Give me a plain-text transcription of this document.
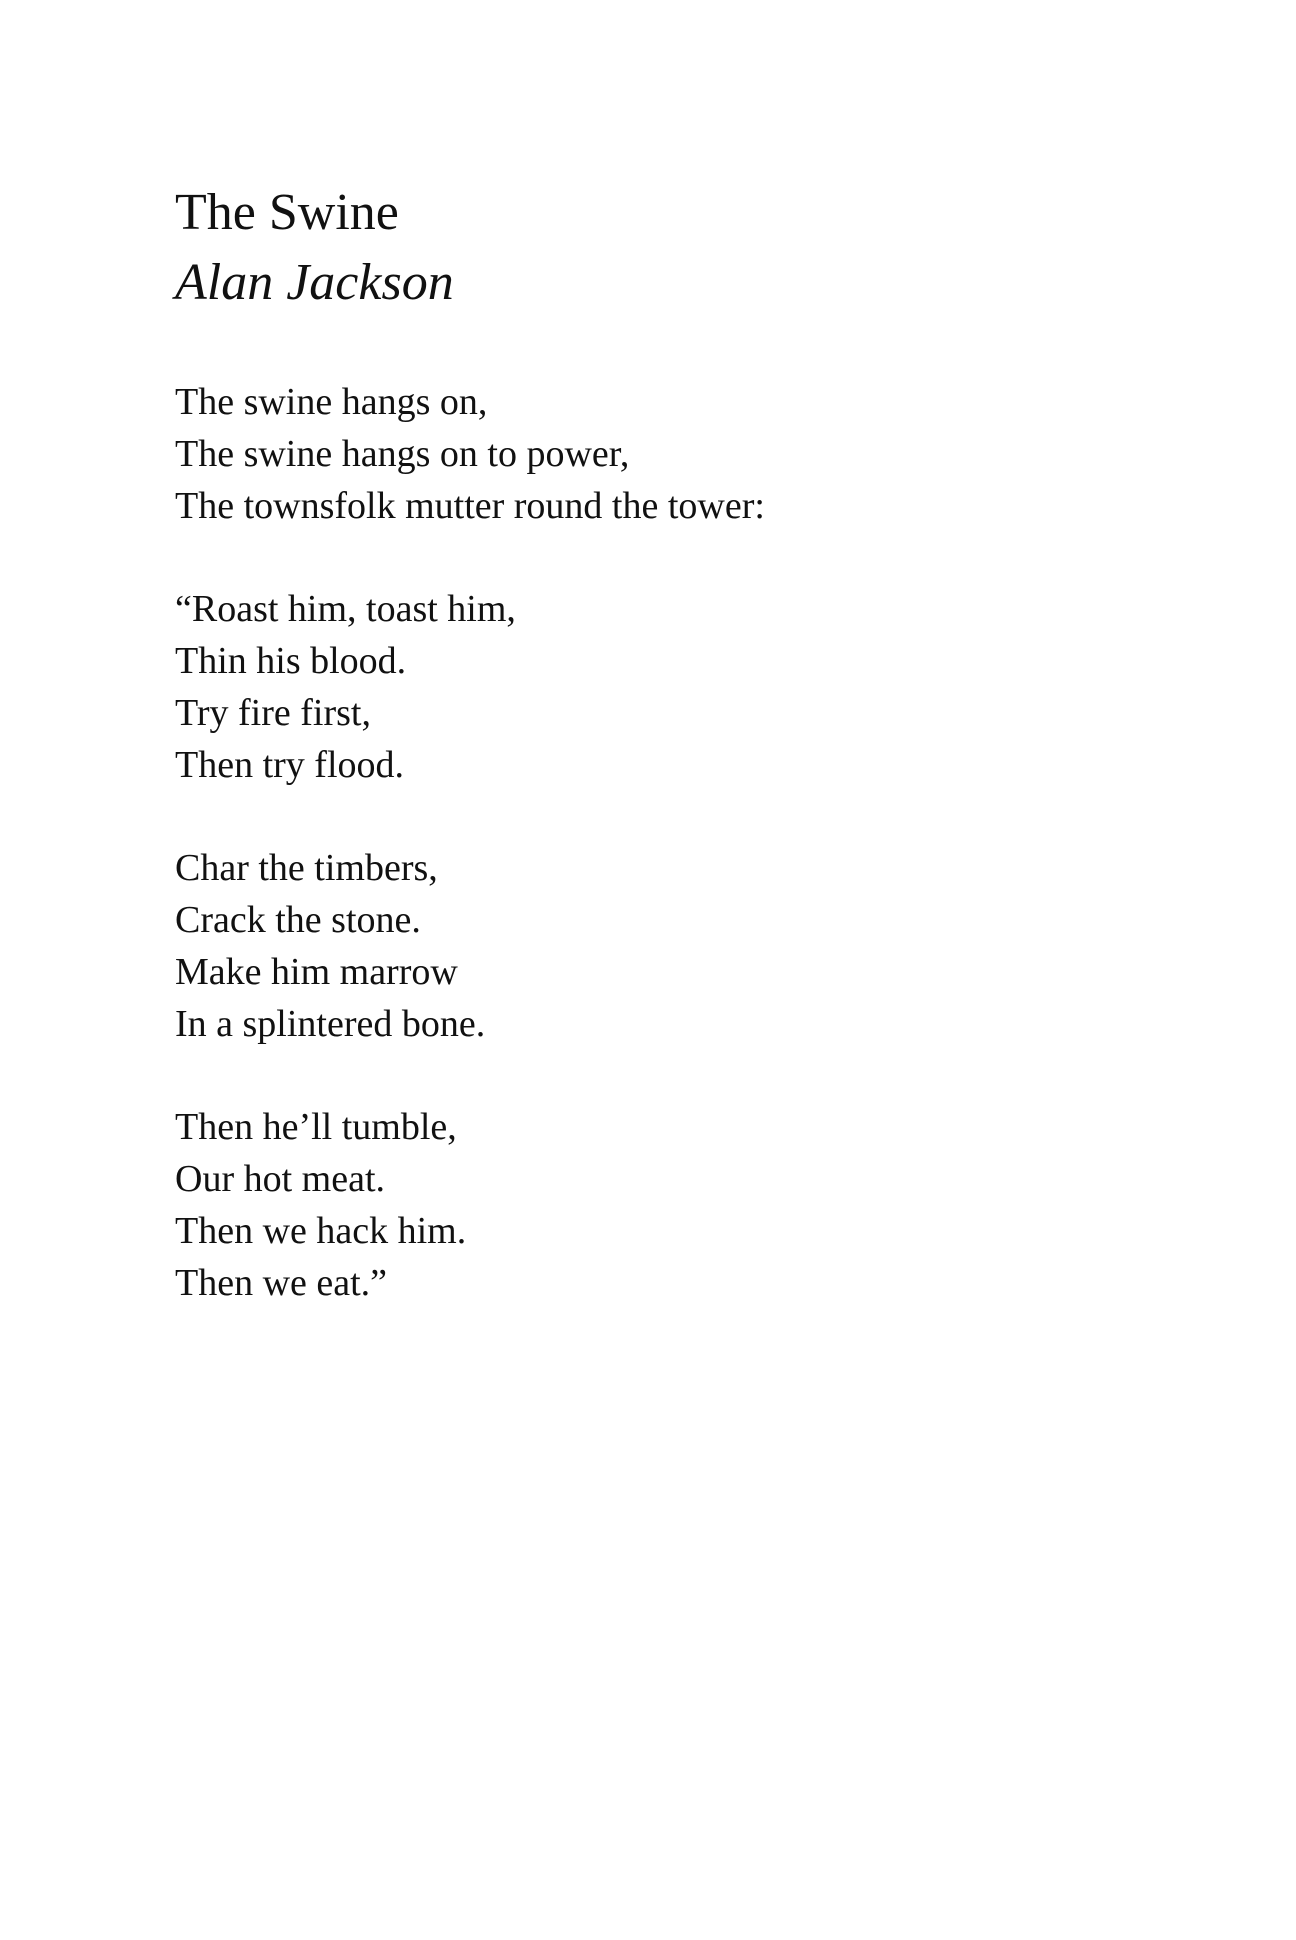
The Swine

Alan Jackson

The swine hangs on,
The swine hangs on to power,
The townsfolk mutter round the tower:
“Roast him, toast him,
Thin his blood.
Try fire first,
Then try flood.
Char the timbers,
Crack the stone.
Make him marrow
In a splintered bone.
Then he’ll tumble,
Our hot meat.
Then we hack him.
Then we eat.”
